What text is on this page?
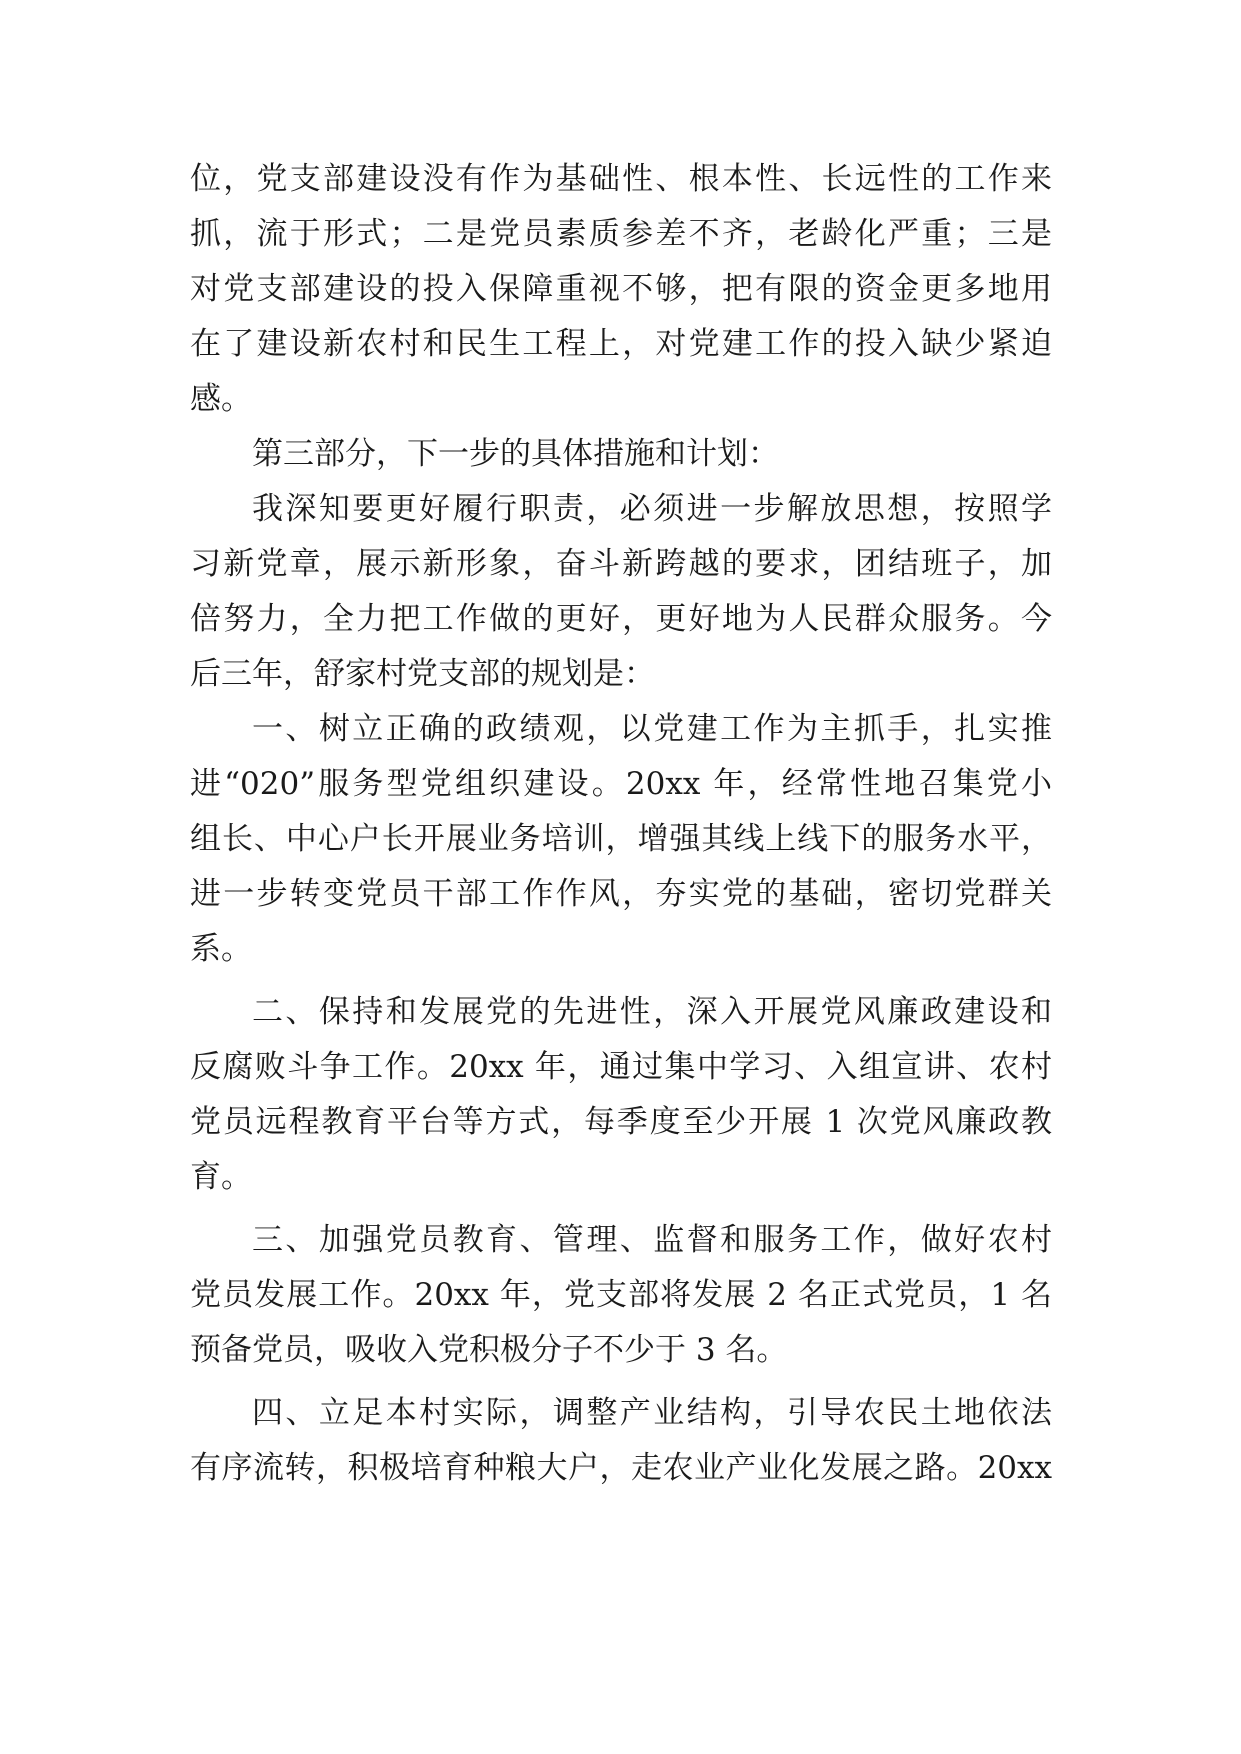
位，党支部建设没有作为基础性、根本性、长远性的工作来
抓，流于形式；二是党员素质参差不齐，老龄化严重；三是
对党支部建设的投入保障重视不够，把有限的资金更多地用
在了建设新农村和民生工程上，对党建工作的投入缺少紧迫
感。
第三部分，下一步的具体措施和计划：
我深知要更好履行职责，必须进一步解放思想，按照学
习新党章，展示新形象，奋斗新跨越的要求，团结班子，加
倍努力，全力把工作做的更好，更好地为人民群众服务。今
后三年，舒家村党支部的规划是：
一、树立正确的政绩观，以党建工作为主抓手，扎实推
进“020”服务型党组织建设。20xx 年，经常性地召集党小
组长、中心户长开展业务培训，增强其线上线下的服务水平，
进一步转变党员干部工作作风，夯实党的基础，密切党群关
系。
二、保持和发展党的先进性，深入开展党风廉政建设和
反腐败斗争工作。20xx 年，通过集中学习、入组宣讲、农村
党员远程教育平台等方式，每季度至少开展 1 次党风廉政教
育。
三、加强党员教育、管理、监督和服务工作，做好农村
党员发展工作。20xx 年，党支部将发展 2 名正式党员，1 名
预备党员，吸收入党积极分子不少于 3 名。
四、立足本村实际，调整产业结构，引导农民土地依法
有序流转，积极培育种粮大户，走农业产业化发展之路。20xx
